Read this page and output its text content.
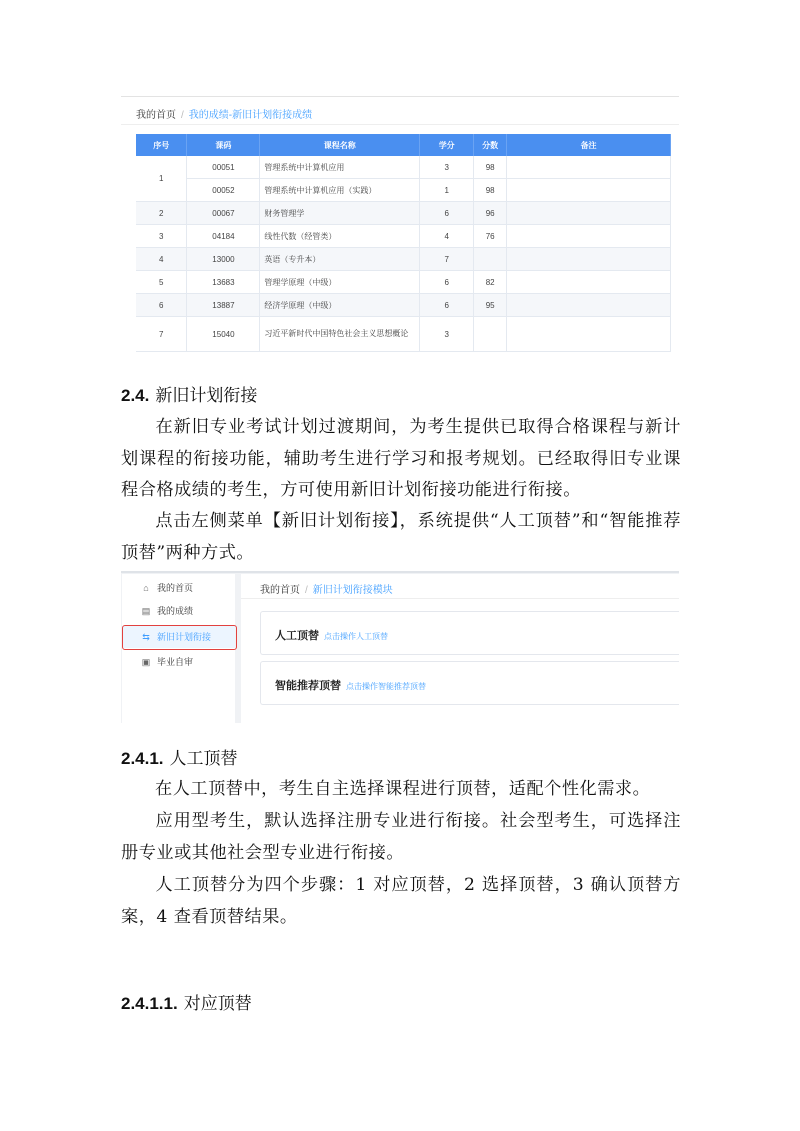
我的首页 / 我的成绩-新旧计划衔接成绩
序号	课码	课程名称	学分	分数	备注
1	00051	管理系统中计算机应用	3	98	
	00052	管理系统中计算机应用（实践）	1	98	
2	00067	财务管理学	6	96	
3	04184	线性代数（经管类）	4	76	
4	13000	英语（专升本）	7		
5	13683	管理学原理（中级）	6	82	
6	13887	经济学原理（中级）	6	95	
7	15040	习近平新时代中国特色社会主义思想概论	3		
2.4. 新旧计划衔接
在新旧专业考试计划过渡期间，为考生提供已取得合格课程与新计划课程的衔接功能，辅助考生进行学习和报考规划。已经取得旧专业课程合格成绩的考生，方可使用新旧计划衔接功能进行衔接。
点击左侧菜单【新旧计划衔接】，系统提供“人工顶替”和“智能推荐顶替”两种方式。
⌂ 我的首页
▤ 我的成绩
⇆ 新旧计划衔接
▣ 毕业自审
我的首页 / 新旧计划衔接模块
人工顶替 点击操作人工顶替
智能推荐顶替 点击操作智能推荐顶替
2.4.1. 人工顶替
在人工顶替中，考生自主选择课程进行顶替，适配个性化需求。
应用型考生，默认选择注册专业进行衔接。社会型考生，可选择注册专业或其他社会型专业进行衔接。
人工顶替分为四个步骤：1 对应顶替，2 选择顶替，3 确认顶替方案，4 查看顶替结果。
2.4.1.1. 对应顶替
